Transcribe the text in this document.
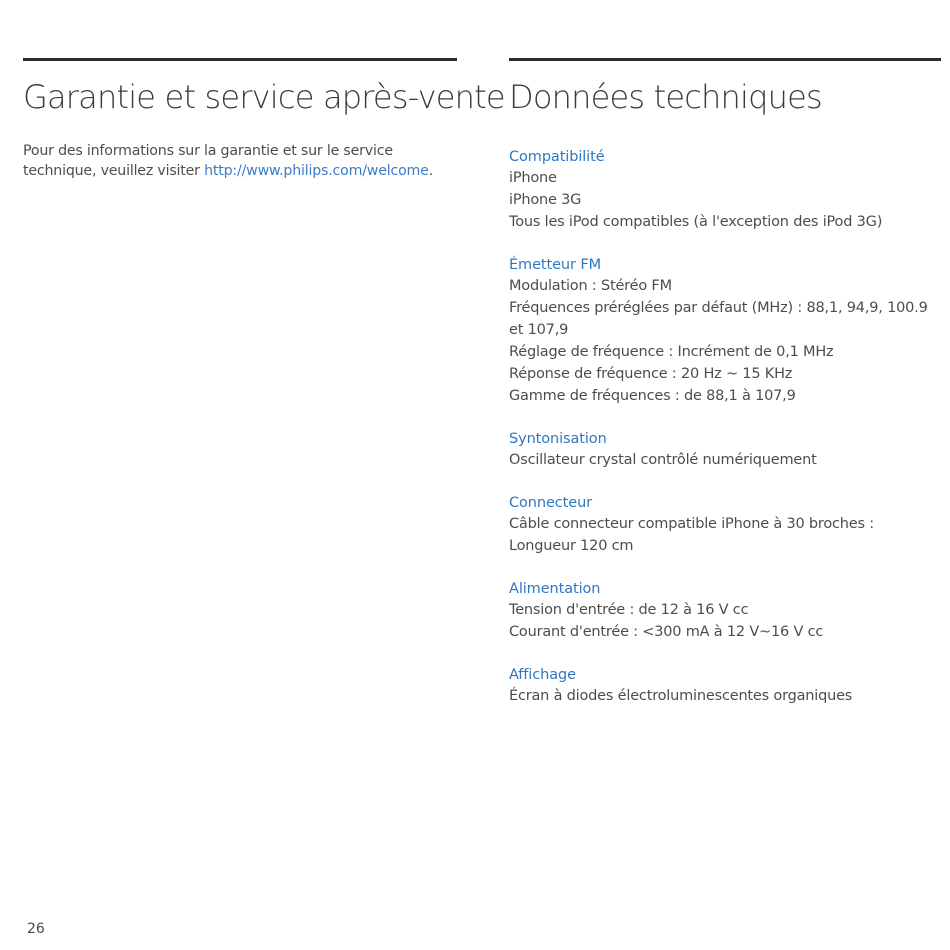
Garantie et service après-vente

Pour des informations sur la garantie et sur le service technique, veuillez visiter http://www.philips.com/welcome.

Données techniques
Compatibilité
iPhone
iPhone 3G
Tous les iPod compatibles (à l'exception des iPod 3G)
Émetteur FM
Modulation : Stéréo FM
Fréquences préréglées par défaut (MHz) : 88,1, 94,9, 100.9 et 107,9
Réglage de fréquence : Incrément de 0,1 MHz
Réponse de fréquence : 20 Hz ~ 15 KHz
Gamme de fréquences : de 88,1 à 107,9
Syntonisation
Oscillateur crystal contrôlé numériquement
Connecteur
Câble connecteur compatible iPhone à 30 broches : Longueur 120 cm
Alimentation
Tension d'entrée : de 12 à 16 V cc
Courant d'entrée : <300 mA à 12 V~16 V cc
Affichage
Écran à diodes électroluminescentes organiques
26
